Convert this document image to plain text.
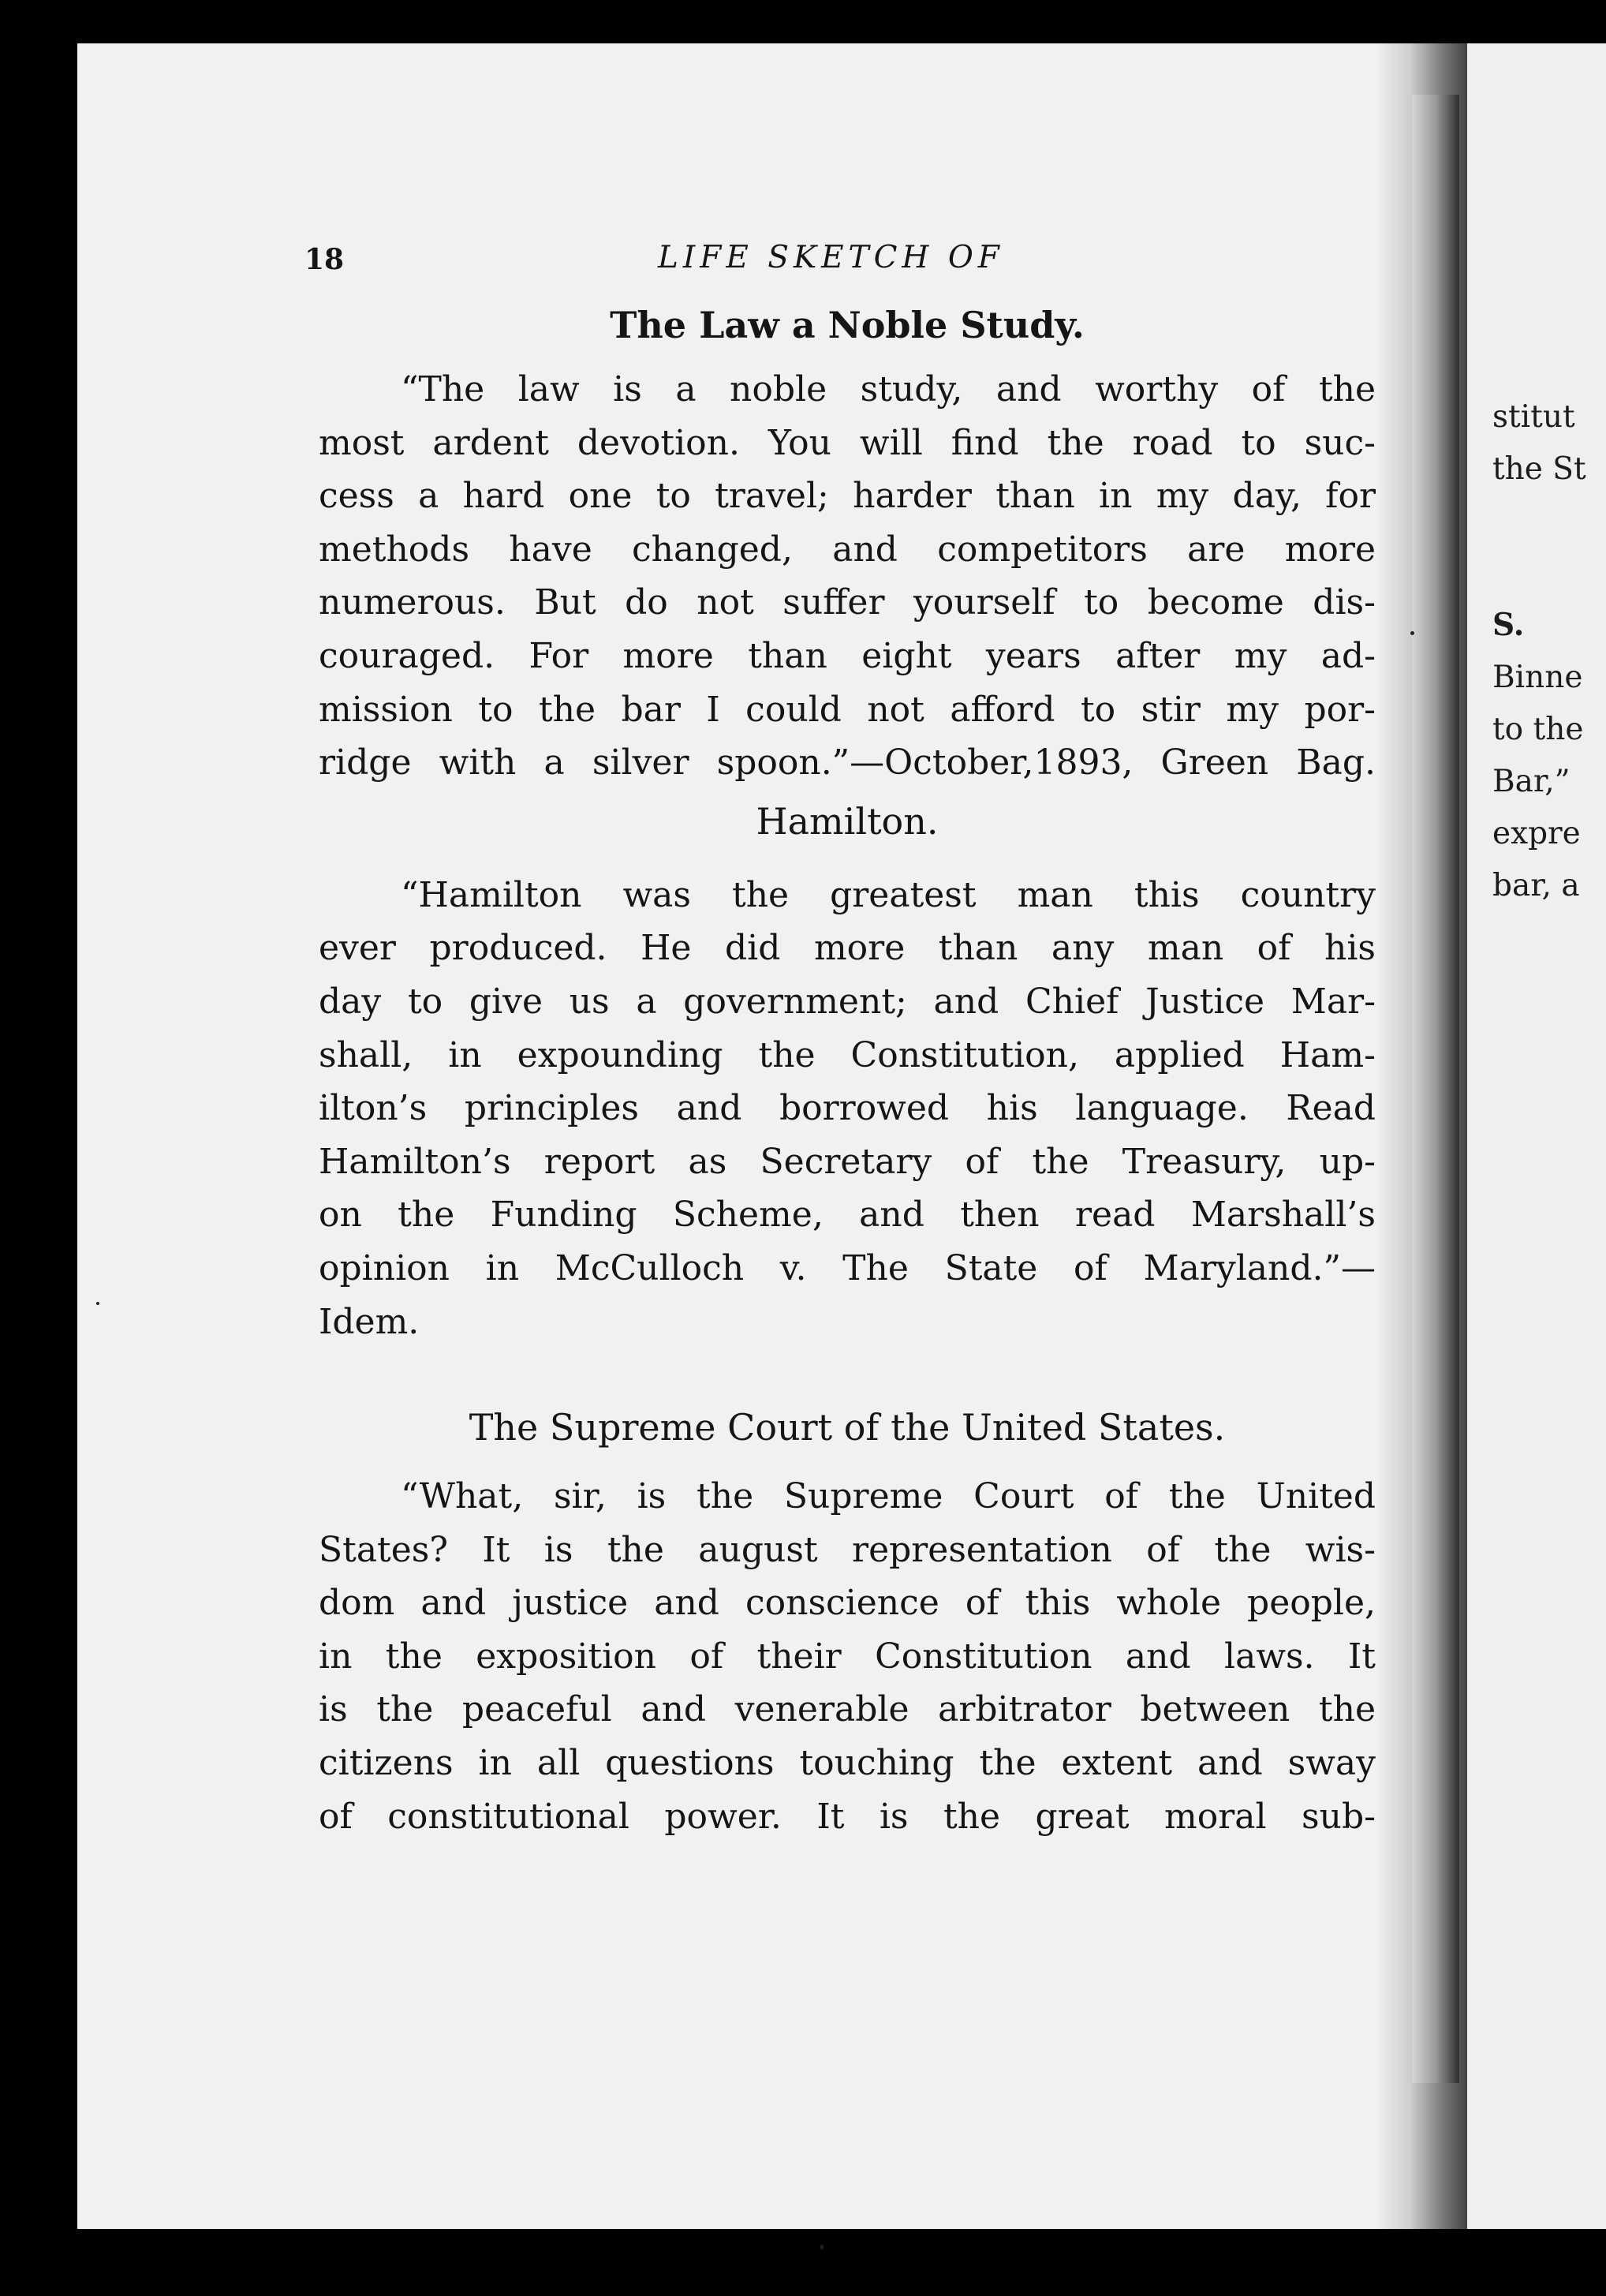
stitut
the St
S.
Binne
to the
Bar,”
expre
bar, a
18	LIFE SKETCH OF
The Law a Noble Study.
“The law is a noble study, and worthy of the
most ardent devotion. You will find the road to suc-
cess a hard one to travel; harder than in my day, for
methods have changed, and competitors are more
numerous. But do not suffer yourself to become dis-
couraged. For more than eight years after my ad-
mission to the bar I could not afford to stir my por-
ridge with a silver spoon.”—October,1893, Green Bag.
Hamilton.
“Hamilton was the greatest man this country
ever produced. He did more than any man of his
day to give us a government; and Chief Justice Mar-
shall, in expounding the Constitution, applied Ham-
ilton’s principles and borrowed his language. Read
Hamilton’s report as Secretary of the Treasury, up-
on the Funding Scheme, and then read Marshall’s
opinion in McCulloch v. The State of Maryland.”—
Idem.
The Supreme Court of the United States.
“What, sir, is the Supreme Court of the United
States? It is the august representation of the wis-
dom and justice and conscience of this whole people,
in the exposition of their Constitution and laws. It
is the peaceful and venerable arbitrator between the
citizens in all questions touching the extent and sway
of constitutional power. It is the great moral sub-
